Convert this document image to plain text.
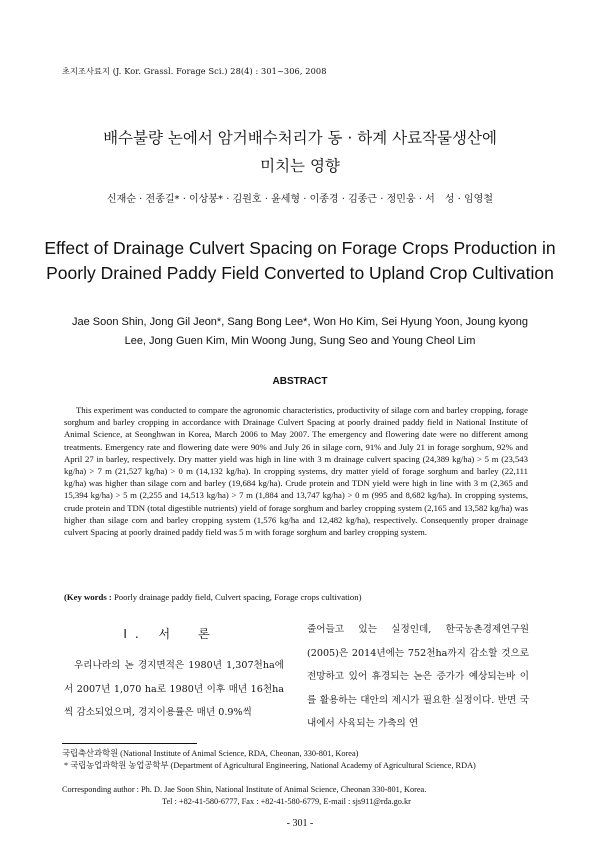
초지조사료지 (J. Kor. Grassl. Forage Sci.) 28(4) : 301~306, 2008
배수불량 논에서 암거배수처리가 동 · 하계 사료작물생산에
미치는 영향
신재순 · 전종길* · 이상봉* · 김원호 · 윤세형 · 이종경 · 김종근 · 정민웅 · 서　성 · 임영철
Effect of Drainage Culvert Spacing on Forage Crops Production in Poorly Drained Paddy Field Converted to Upland Crop Cultivation
Jae Soon Shin, Jong Gil Jeon*, Sang Bong Lee*, Won Ho Kim, Sei Hyung Yoon, Joung kyong Lee, Jong Guen Kim, Min Woong Jung, Sung Seo and Young Cheol Lim
ABSTRACT

This experiment was conducted to compare the agronomic characteristics, productivity of silage corn and barley cropping, forage sorghum and barley cropping in accordance with Drainage Culvert Spacing at poorly drained paddy field in National Institute of Animal Science, at Seonghwan in Korea, March 2006 to May 2007. The emergency and flowering date were no different among treatments. Emergency rate and flowering date were 90% and July 26 in silage corn, 91% and July 21 in forage sorghum, 92% and April 27 in barley, respectively. Dry matter yield was high in line with 3 m drainage culvert spacing (24,389 kg/ha) > 5 m (23,543 kg/ha) > 7 m (21,527 kg/ha) > 0 m (14,132 kg/ha). In cropping systems, dry matter yield of forage sorghum and barley (22,111 kg/ha) was higher than silage corn and barley (19,684 kg/ha). Crude protein and TDN yield were high in line with 3 m (2,365 and 15,394 kg/ha) > 5 m (2,255 and 14,513 kg/ha) > 7 m (1,884 and 13,747 kg/ha) > 0 m (995 and 8,682 kg/ha). In cropping systems, crude protein and TDN (total digestible nutrients) yield of forage sorghum and barley cropping system (2,165 and 13,582 kg/ha) was higher than silage corn and barley cropping system (1,576 kg/ha and 12,482 kg/ha), respectively. Consequently proper drainage culvert Spacing at poorly drained paddy field was 5 m with forage sorghum and barley cropping system.

(Key words : Poorly drainage paddy field, Culvert spacing, Forage crops cultivation)
Ⅰ. 서　론

우리나라의 논 경지면적은 1980년 1,307천ha에서 2007년 1,070 ha로 1980년 이후 매년 16천ha씩 감소되었으며, 경지이용률은 매년 0.9%씩

줄어들고 있는 실정인데, 한국농촌경제연구원 (2005)은 2014년에는 752천ha까지 감소할 것으로 전망하고 있어 휴경되는 논은 증가가 예상되는바 이를 활용하는 대안의 제시가 필요한 실정이다. 반면 국내에서 사육되는 가축의 연

국립축산과학원 (National Institute of Animal Science, RDA, Cheonan, 330-801, Korea)
* 국립농업과학원 농업공학부 (Department of Agricultural Engineering, National Academy of Agricultural Science, RDA)
Corresponding author : Ph. D. Jae Soon Shin, National Institute of Animal Science, Cheonan 330-801, Korea.
Tel : +82-41-580-6777, Fax : +82-41-580-6779, E-mail : sjs911@rda.go.kr
- 301 -
